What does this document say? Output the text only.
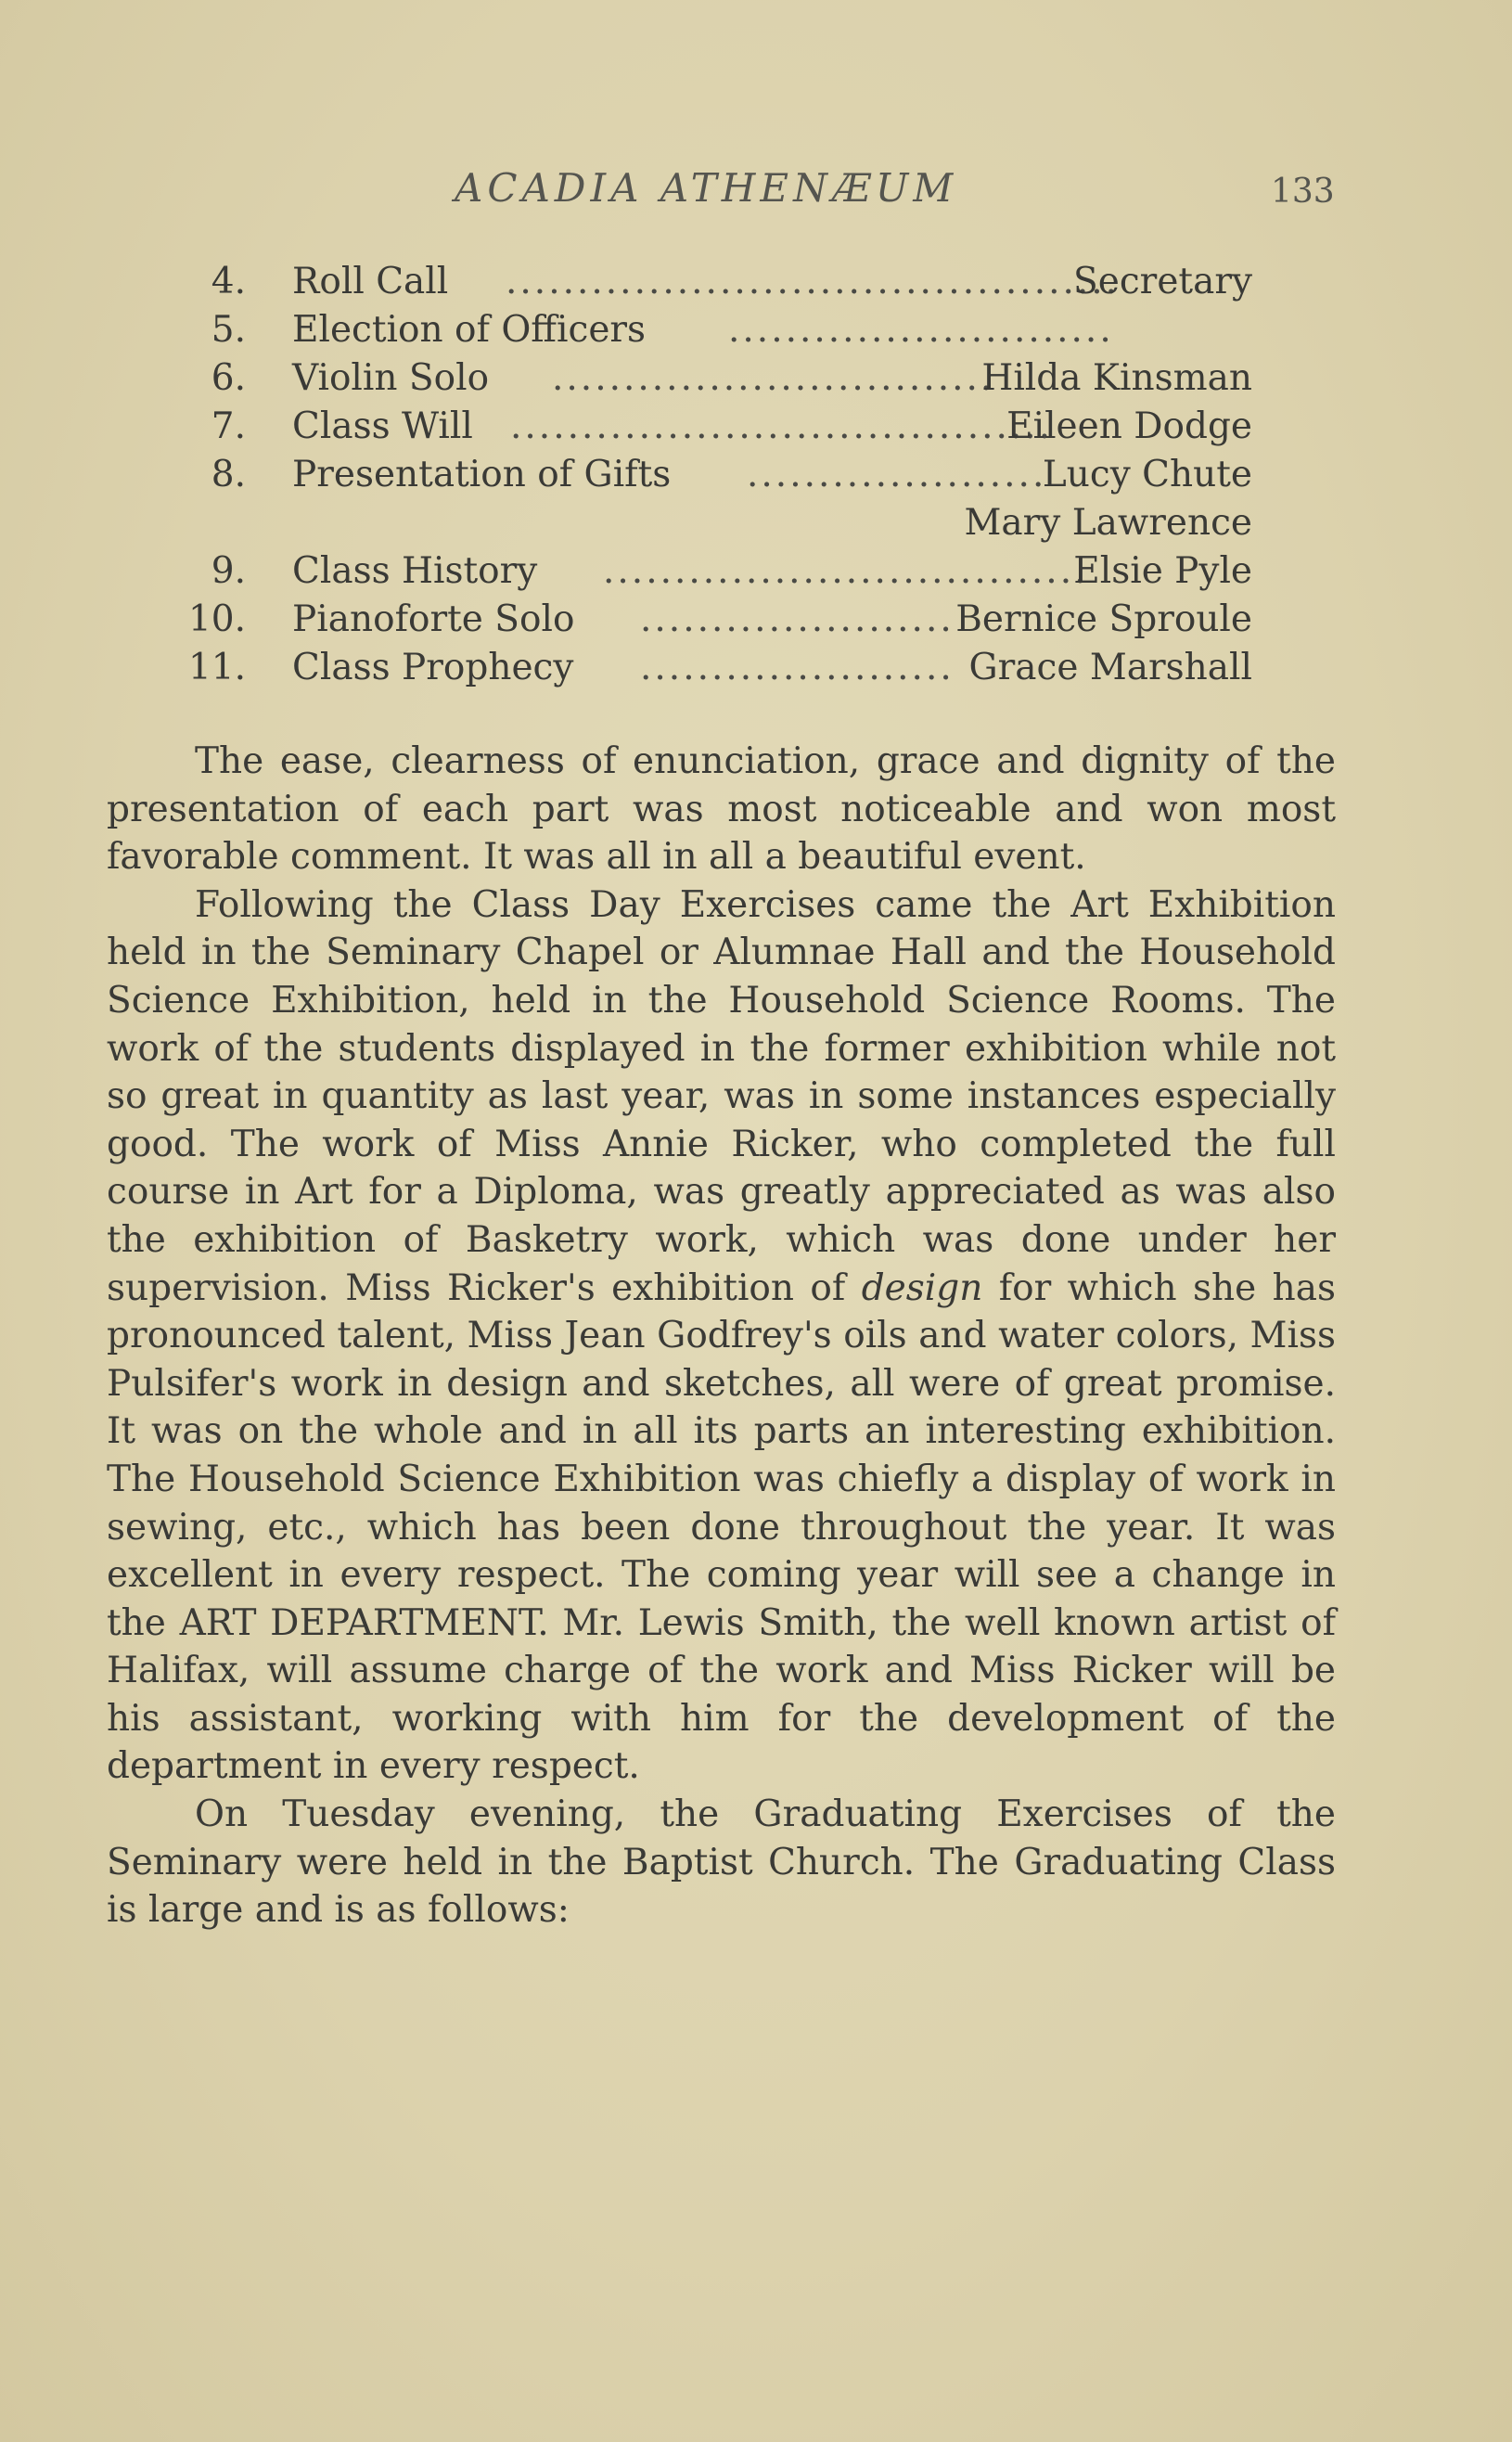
ACADIA ATHENÆUM	133
4. Roll Call ...........................................
Secretary
5. Election of Officers ...........................
6. Violin Solo ...............................
Hilda Kinsman
7. Class Will ......................................
Eileen Dodge
8. Presentation of Gifts .....................
Lucy Chute
Mary Lawrence
9. Class History ..................................
Elsie Pyle
10. Pianoforte Solo ...................... Bernice Sproule
11. Class Prophecy ...................... Grace Marshall

The ease, clearness of enunciation, grace and dignity of the presentation of each part was most noticeable and won most favorable comment. It was all in all a beautiful event.

Following the Class Day Exercises came the Art Exhibition held in the Seminary Chapel or Alumnae Hall and the Household Science Exhibition, held in the Household Science Rooms. The work of the students displayed in the former exhibition while not so great in quantity as last year, was in some instances especially good. The work of Miss Annie Ricker, who completed the full course in Art for a Diploma, was greatly appreciated as was also the exhibition of Basketry work, which was done under her supervision. Miss Ricker's exhibition of design for which she has pronounced talent, Miss Jean Godfrey's oils and water colors, Miss Pulsifer's work in design and sketches, all were of great promise. It was on the whole and in all its parts an interesting exhibition. The Household Science Exhibition was chiefly a display of work in sewing, etc., which has been done throughout the year. It was excellent in every respect. The coming year will see a change in the ART DEPARTMENT. Mr. Lewis Smith, the well known artist of Halifax, will assume charge of the work and Miss Ricker will be his assistant, working with him for the development of the department in every respect.

On Tuesday evening, the Graduating Exercises of the Seminary were held in the Baptist Church. The Graduating Class is large and is as follows:
